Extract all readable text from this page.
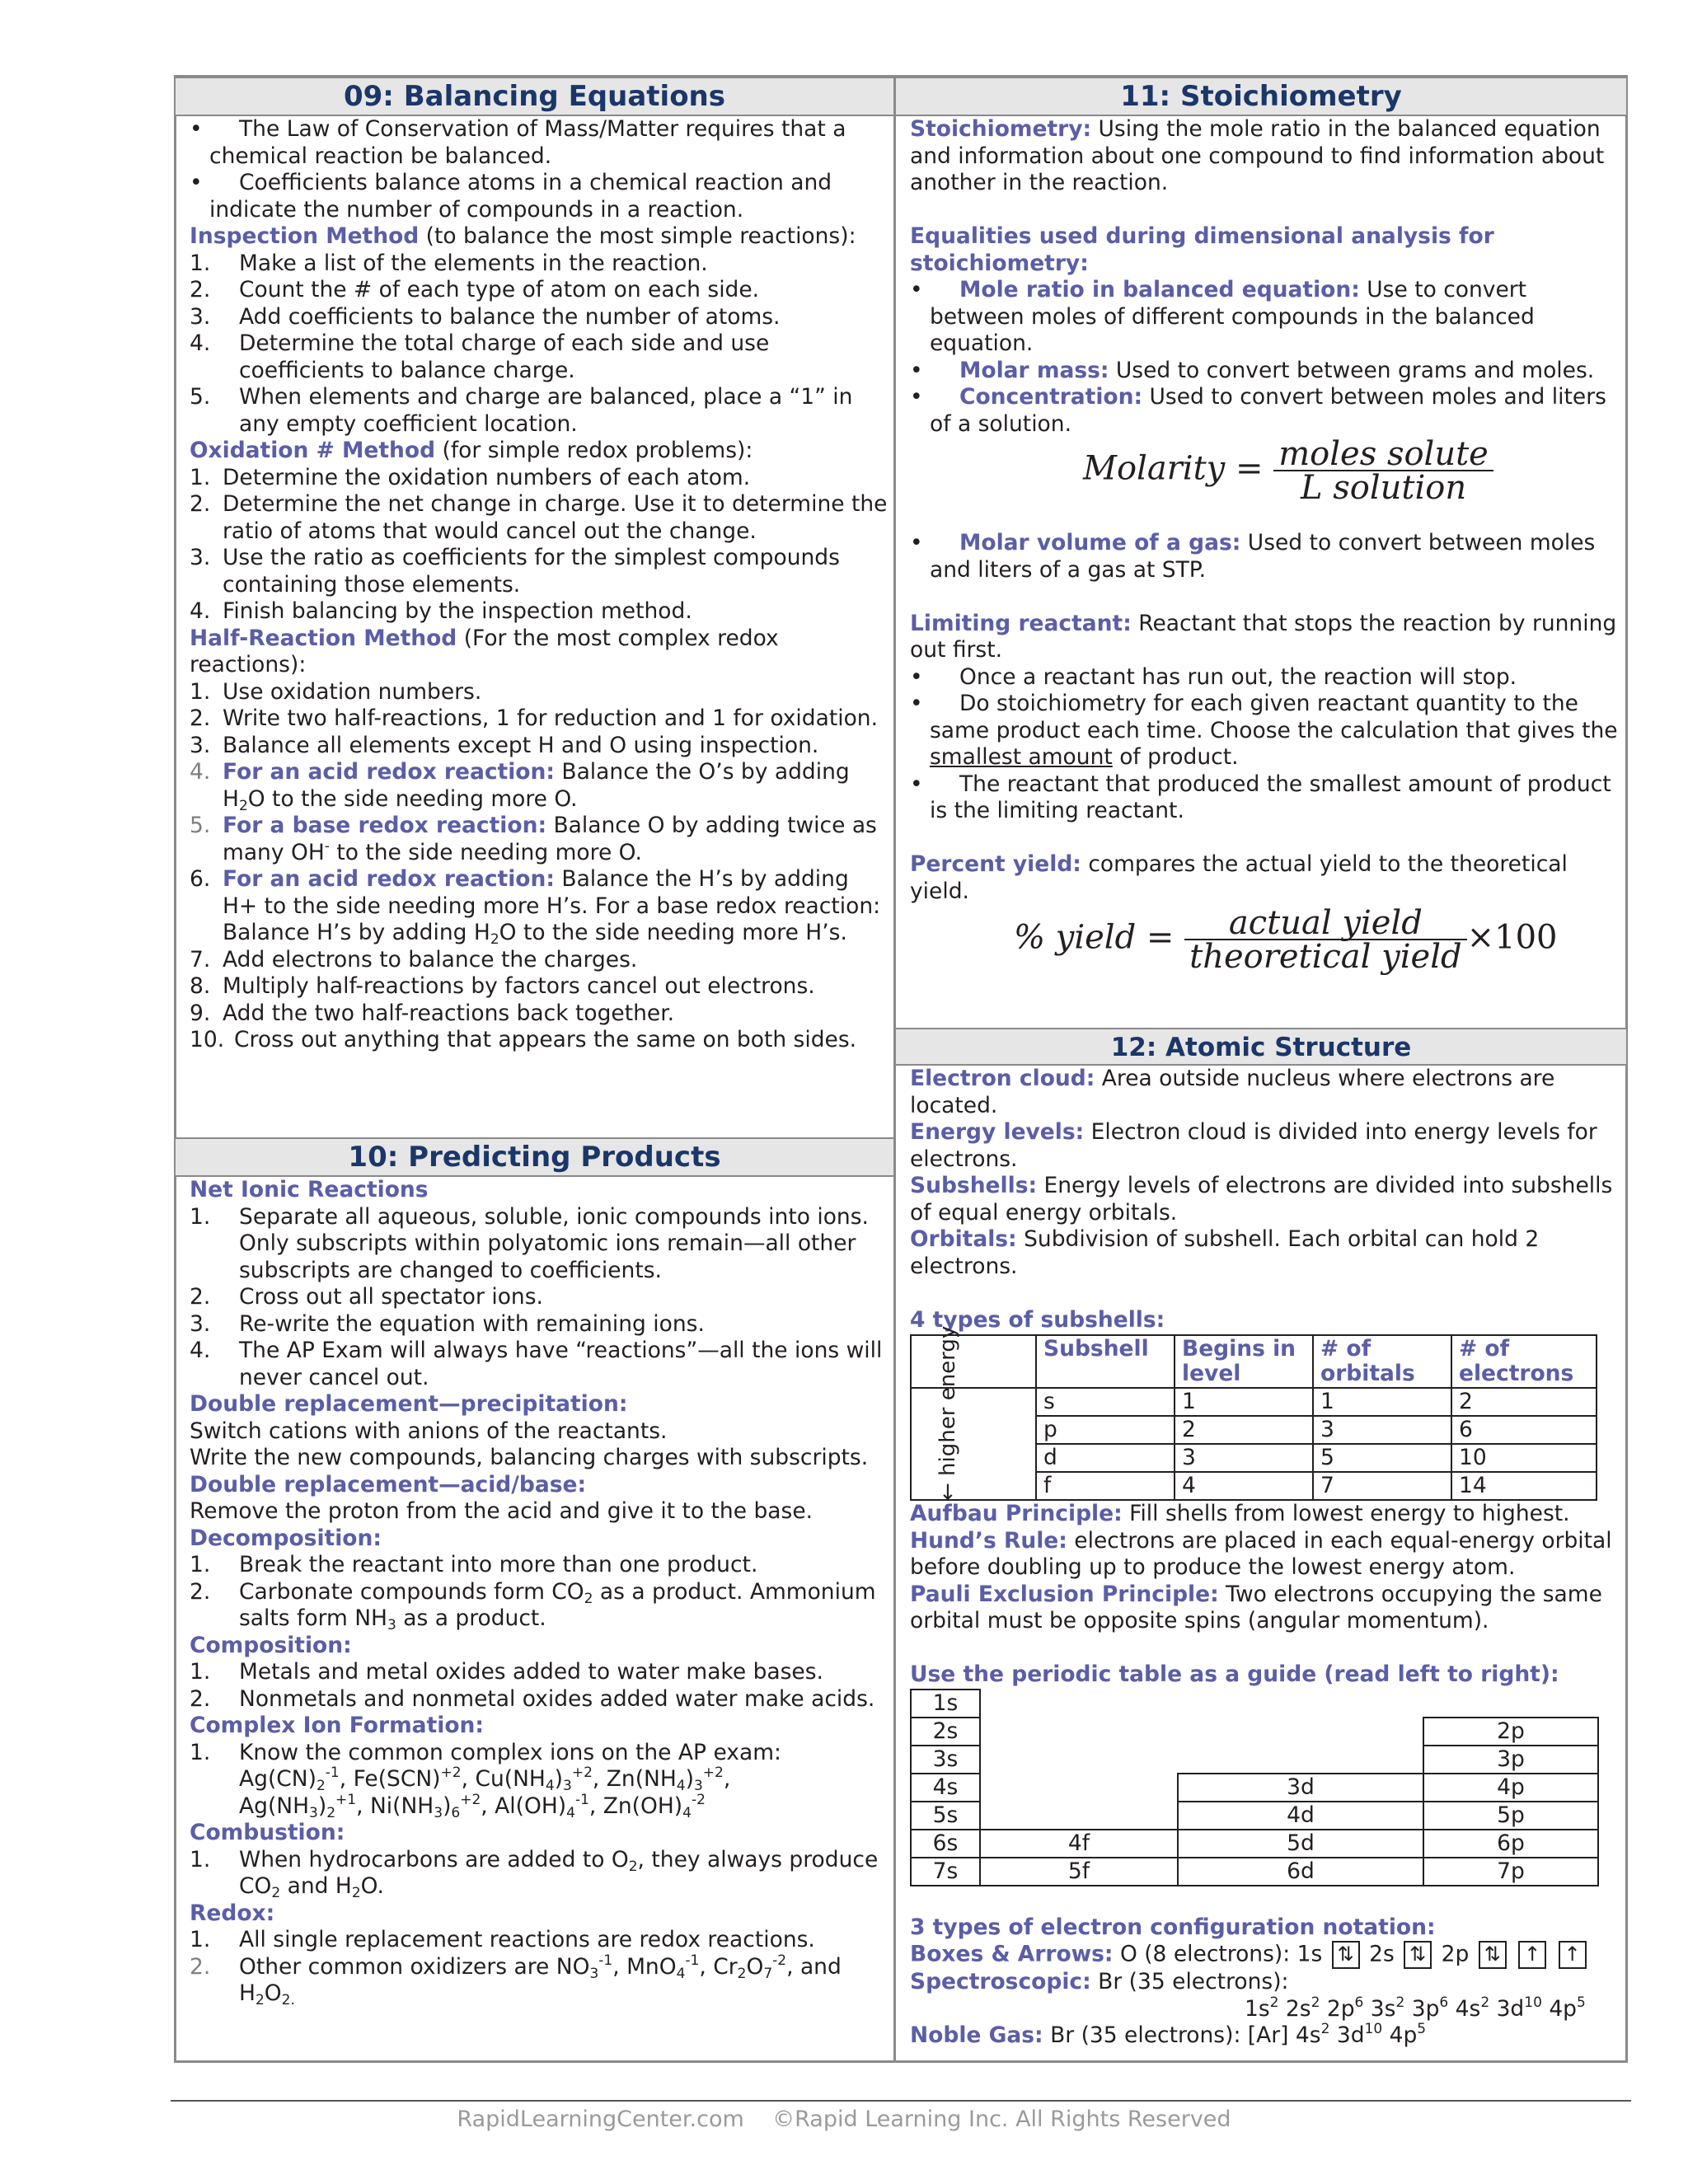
09: Balancing Equations

• The Law of Conservation of Mass/Matter requires that a chemical reaction be balanced.

• Coefficients balance atoms in a chemical reaction and indicate the number of compounds in a reaction.

Inspection Method (to balance the most simple reactions):

1. Make a list of the elements in the reaction.

2. Count the # of each type of atom on each side.

3. Add coefficients to balance the number of atoms.

4. Determine the total charge of each side and use coefficients to balance charge.

5. When elements and charge are balanced, place a “1” in any empty coefficient location.

Oxidation # Method (for simple redox problems):

1. Determine the oxidation numbers of each atom.

2. Determine the net change in charge. Use it to determine the ratio of atoms that would cancel out the change.

3. Use the ratio as coefficients for the simplest compounds containing those elements.

4. Finish balancing by the inspection method.

Half-Reaction Method (For the most complex redox reactions):

1. Use oxidation numbers.

2. Write two half-reactions, 1 for reduction and 1 for oxidation.

3. Balance all elements except H and O using inspection.

4. For an acid redox reaction: Balance the O’s by adding $H_2O$ to the side needing more O.

5. For a base redox reaction: Balance O by adding twice as many OH- to the side needing more O.

6. For an acid redox reaction: Balance the H’s by adding H+ to the side needing more H’s. For a base redox reaction: Balance H’s by adding $H_2O$ to the side needing more H’s.

7. Add electrons to balance the charges.

8. Multiply half-reactions by factors cancel out electrons.

9. Add the two half-reactions back together.

10. Cross out anything that appears the same on both sides.

10: Predicting Products

Net Ionic Reactions

1. Separate all aqueous, soluble, ionic compounds into ions. Only subscripts within polyatomic ions remain—all other subscripts are changed to coefficients.

2. Cross out all spectator ions.

3. Re-write the equation with remaining ions.

4. The AP Exam will always have “reactions”—all the ions will never cancel out.

Double replacement—precipitation:

Switch cations with anions of the reactants.

Write the new compounds, balancing charges with subscripts.

Double replacement—acid/base:

Remove the proton from the acid and give it to the base.

Decomposition:

1. Break the reactant into more than one product.

2. Carbonate compounds form $CO_2$ as a product. Ammonium salts form $NH_3$ as a product.

Composition:

1. Metals and metal oxides added to water make bases.

2. Nonmetals and nonmetal oxides added water make acids.

Complex Ion Formation:

1. Know the common complex ions on the AP exam:
$Ag(CN)_2^{-1}$, Fe(SCN)$^{+2}$, $Cu(NH_4)_3^{+2}$, $Zn(NH_4)_3^{+2}$,
$Ag(NH_3)_2^{+1}$, $Ni(NH_3)_6^{+2}$, $Al(OH)_4^{-1}$, $Zn(OH)_4^{-2}$

Combustion:

1. When hydrocarbons are added to $O_2$, they always produce $CO_2$ and $H_2O$.

Redox:

1. All single replacement reactions are redox reactions.

2. Other common oxidizers are $NO_3^{-1}$, MnO$_4^{-1}$, $Cr_2O_7^{-2}$, and $H_2O_{2.}$

11: Stoichiometry

Stoichiometry: Using the mole ratio in the balanced equation and information about one compound to find information about another in the reaction.

Equalities used during dimensional analysis for stoichiometry:

• Mole ratio in balanced equation: Use to convert between moles of different compounds in the balanced equation.

• Molar mass: Used to convert between grams and moles.

• Concentration: Used to convert between moles and liters of a solution.

Molarity = $\frac{\text{moles solute}}{\text{L solution}}$

• Molar volume of a gas: Used to convert between moles and liters of a gas at STP.

Limiting reactant: Reactant that stops the reaction by running out first.

• Once a reactant has run out, the reaction will stop.

• Do stoichiometry for each given reactant quantity to the same product each time. Choose the calculation that gives the smallest amount of product.

• The reactant that produced the smallest amount of product is the limiting reactant.

Percent yield: compares the actual yield to the theoretical yield.

% yield = $\frac{\text{actual yield}}{\text{theoretical yield}} \times 100$
12: Atomic Structure

Electron cloud: Area outside nucleus where electrons are located.

Energy levels: Electron cloud is divided into energy levels for electrons.

Subshells: Energy levels of electrons are divided into subshells of equal energy orbitals.

Orbitals: Subdivision of subshell. Each orbital can hold 2 electrons.

4 types of subshells:

	Subshell	Begins in level	# of orbitals	# of electrons

← higher energy	s	1	1	2
	p	2	3	6
	d	3	5	10
	f	4	7	14

Aufbau Principle: Fill shells from lowest energy to highest.

Hund’s Rule: electrons are placed in each equal-energy orbital before doubling up to produce the lowest energy atom.

Pauli Exclusion Principle: Two electrons occupying the same orbital must be opposite spins (angular momentum).

Use the periodic table as a guide (read left to right):

1s			
2s			2p
3s			3p
4s		3d	4p
5s		4d	5p
6s	4f	5d	6p
7s	5f	6d	7p

3 types of electron configuration notation:

Boxes & Arrows: O (8 electrons): 1s ⇅ 2s ⇅ 2p ⇅ ↑ ↑

Spectroscopic: Br (35 electrons):

$1s^2$ $2s^2$ $2p^6$ $3s^2$ $3p^6$ $4s^2$ $3d^{10}$ $4p^5$

Noble Gas: Br (35 electrons): [Ar] $4s^2$ $3d^{10}$ $4p^5$

RapidLearningCenter.com ©Rapid Learning Inc. All Rights Reserved
